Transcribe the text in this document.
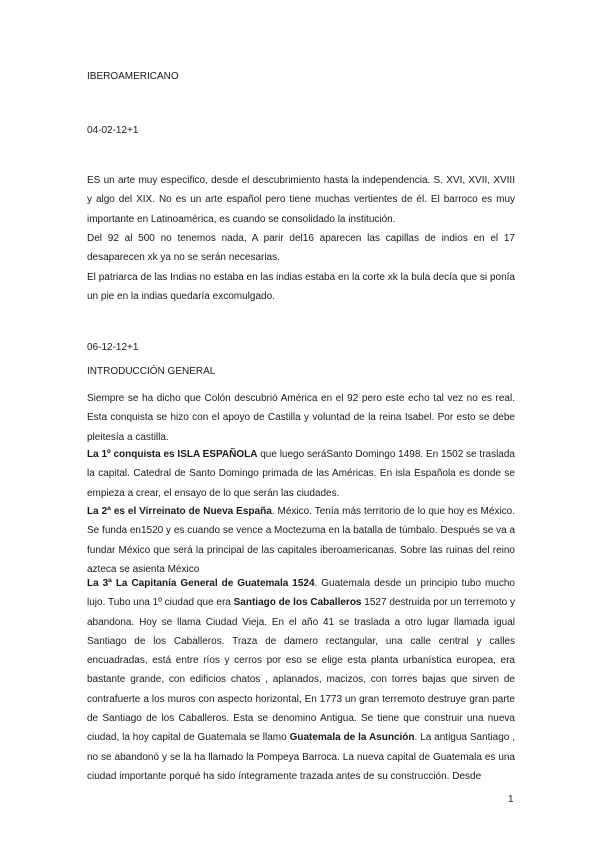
IBEROAMERICANO

04-02-12+1

ES un arte muy especifico, desde el descubrimiento hasta la independencia. S. XVI, XVII, XVIII y algo del XIX. No es un arte español pero tiene muchas vertientes de él. El barroco es muy importante en Latinoamérica, es cuando se consolidado la institución.

Del 92 al 500 no tenemos nada, A parir del16 aparecen las capillas de indios en el 17 desaparecen xk ya no se serán necesarias.

El patriarca de las Indias no estaba en las indias estaba en la corte xk la bula decía que si ponía un pie en la indias quedaría excomulgado.

06-12-12+1

INTRODUCCIÓN GENERAL

Siempre se ha dicho que Colón descubrió América en el 92 pero este echo tal vez no es real. Esta conquista se hizo con el apoyo de Castilla y voluntad de la reina Isabel. Por esto se debe pleitesía a castilla.

La 1º conquista es ISLA ESPAÑOLA que luego seráSanto Domingo 1498. En 1502 se traslada la capital. Catedral de Santo Domingo primada de las Américas. En isla Española es donde se empieza a crear, el ensayo de lo que serán las ciudades.

La 2ª es el Virreinato de Nueva España. México. Tenía más territorio de lo que hoy es México. Se funda en1520 y es cuando se vence a Moctezuma en la batalla de túmbalo. Después se va a fundar México que será la principal de las capitales iberoamericanas. Sobre las ruinas del reino azteca se asienta México

La 3ª La Capitanía General de Guatemala 1524. Guatemala desde un principio tubo mucho lujo. Tubo una 1º ciudad que era Santiago de los Caballeros 1527 destruida por un terremoto y abandona. Hoy se llama Ciudad Vieja. En el año 41 se traslada a otro lugar llamada igual Santiago de los Caballeros. Traza de damero rectangular, una calle central y calles encuadradas, está entre ríos y cerros por eso se elige esta planta urbanística europea, era bastante grande, con edificios chatos , aplanados, macizos, con torres bajas que sirven de contrafuerte a los muros con aspecto horizontal, En 1773 un gran terremoto destruye gran parte de Santiago de los Caballeros. Esta se denomino Antigua. Se tiene que construir una nueva ciudad, la hoy capital de Guatemala se llamo Guatemala de la Asunción. La antigua Santiago , no se abandonó y se la ha llamado la Pompeya Barroca. La nueva capital de Guatemala es una ciudad importante porqué ha sido íntegramente trazada antes de su construcción. Desde

1
